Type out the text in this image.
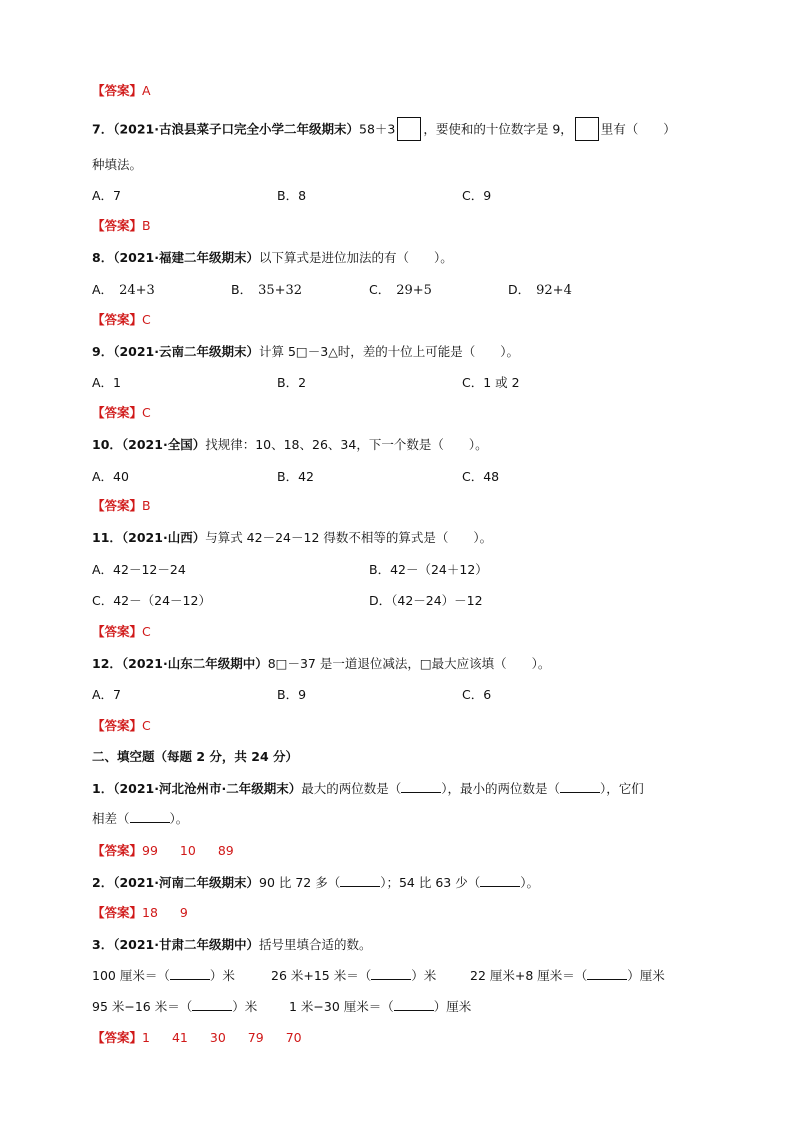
【答案】A
7．（2021·古浪县菜子口完全小学二年级期末）58＋3 ，要使和的十位数字是 9， 里有（　　）
种填法。
A．7	B．8	C．9
【答案】B
8．（2021·福建二年级期末）以下算式是进位加法的有（　　）。
A． 24+3	B． 35+32	C． 29+5	D． 92+4
【答案】C
9．（2021·云南二年级期末）计算 5□－3△时，差的十位上可能是（　　）。
A．1	B．2	C．1 或 2
【答案】C
10．（2021·全国）找规律：10、18、26、34，下一个数是（　　）。
A．40	B．42	C．48
【答案】B
11．（2021·山西）与算式 42－24－12 得数不相等的算式是（　　）。
A．42－12－24	B．42－（24＋12）
C．42－（24－12）	D．（42－24）－12
【答案】C
12．（2021·山东二年级期中）8□－37 是一道退位减法，□最大应该填（　　）。
A．7	B．9	C．6
【答案】C
二、填空题（每题 2 分，共 24 分）
1．（2021·河北沧州市·二年级期末）最大的两位数是（	），最小的两位数是（	），它们
相差（	）。
【答案】99 10 89
2．（2021·河南二年级期末）90 比 72 多（	）；54 比 63 少（	）。
【答案】18 9
3．（2021·甘肃二年级期中）括号里填合适的数。
100 厘米＝（	）米	26 米+15 米＝（	）米	22 厘米+8 厘米＝（	）厘米
95 米−16 米＝（	）米	1 米−30 厘米＝（	）厘米
【答案】1 41 30 79 70
